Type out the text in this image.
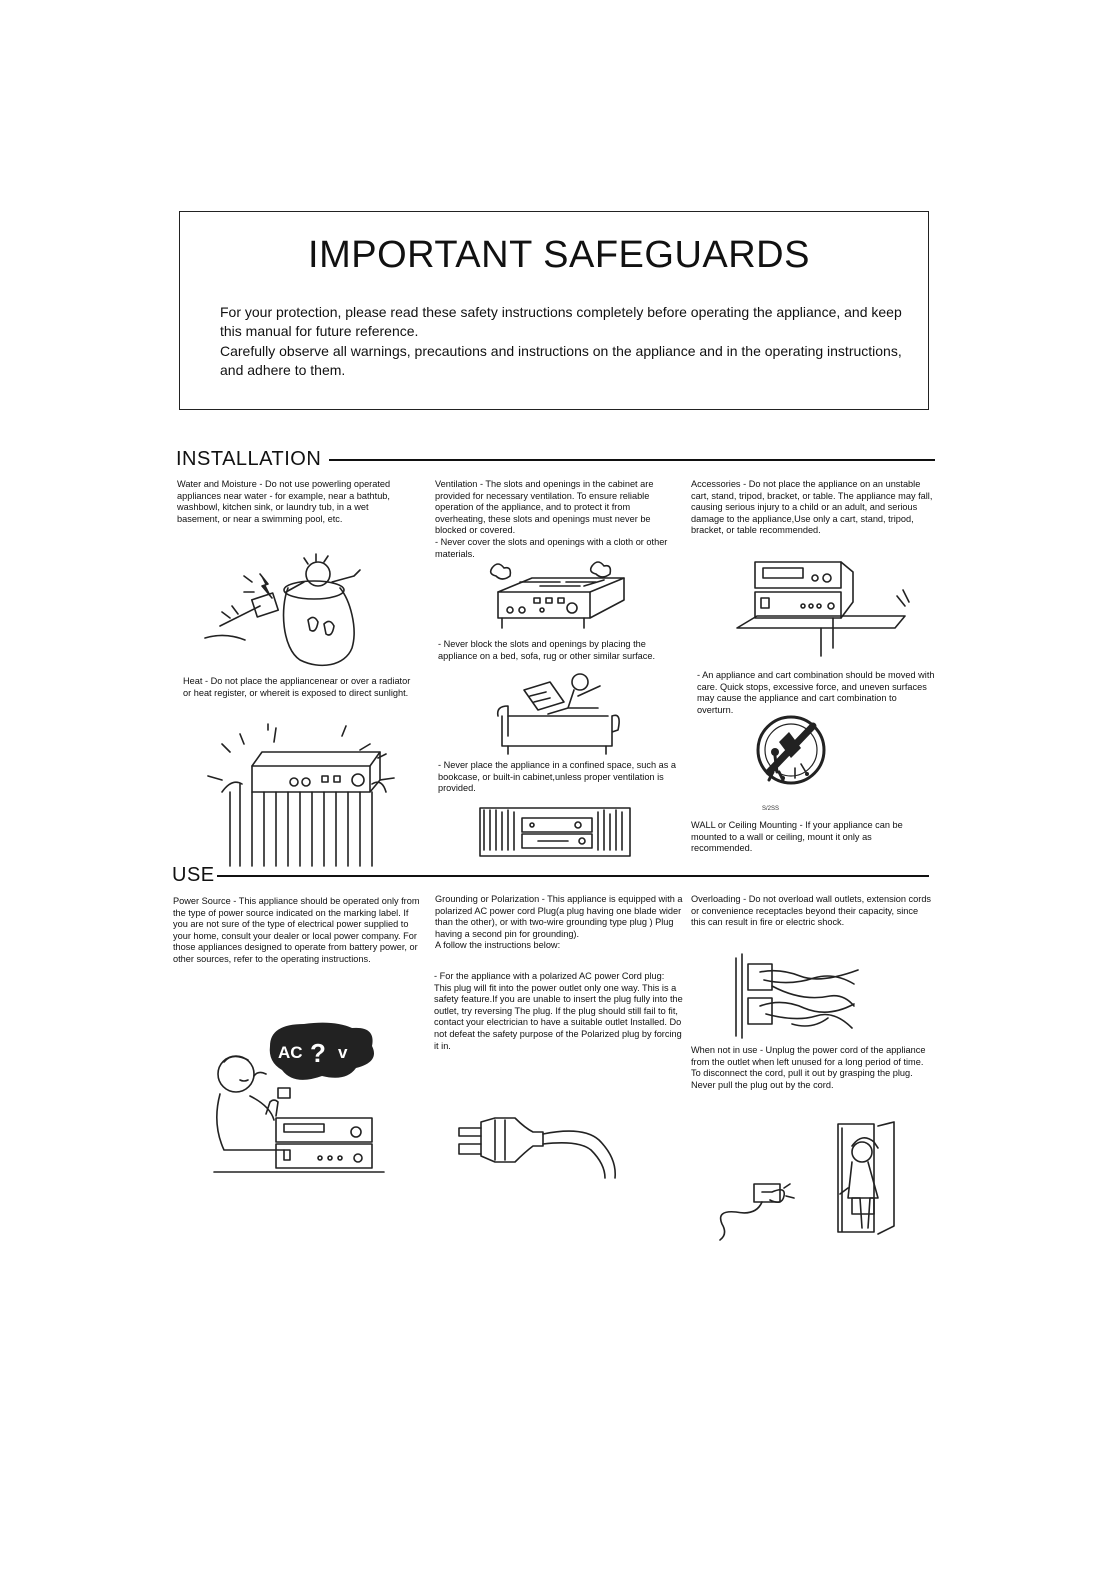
IMPORTANT SAFEGUARDS
For your protection, please read these safety instructions completely before operating the appliance, and keep this manual for future reference.
Carefully observe all warnings, precautions and instructions on the appliance and in the operating instructions, and adhere to them.
INSTALLATION
Water and Moisture - Do not use powerling operated appliances near water - for example, near a bathtub, washbowl, kitchen sink, or laundry tub, in a wet basement, or near a swimming pool, etc.
Heat - Do not place the appliancenear or over a radiator or heat register, or whereit is exposed to direct sunlight.
Ventilation - The slots and openings in the cabinet are provided for necessary ventilation. To ensure reliable operation of the appliance, and to protect it from overheating, these slots and openings must never be blocked or covered.
- Never cover the slots and openings with a cloth or other materials.
- Never block the slots and openings by placing the appliance on a bed, sofa, rug or other similar surface.
- Never place the appliance in a confined space, such as a bookcase, or built-in cabinet,unless proper ventilation is provided.
Accessories - Do not place the appliance on an unstable cart, stand, tripod, bracket, or table. The appliance may fall, causing serious injury to a child or an adult, and serious damage to the appliance,Use only a cart, stand, tripod, bracket, or table recommended.
- An appliance and cart combination should be moved with care. Quick stops, excessive force, and uneven surfaces may cause the appliance and cart combination to overturn.
S/2SS
WALL or Ceiling Mounting - If your appliance can be mounted to a wall or ceiling, mount it only as recommended.
USE
Power Source - This appliance should be operated only from the type of power source indicated on the marking label. If you are not sure of the type of electrical power supplied to your home, consult your dealer or local power company. For those appliances designed to operate from battery power, or other sources, refer to the operating instructions.
AC ? v
Grounding or Polarization - This appliance is equipped with a polarized AC power cord Plug(a plug having one blade wider than the other), or with two-wire grounding type plug ) Plug having a second pin for grounding).
A follow the instructions below:
- For the appliance with a polarized AC power Cord plug:
This plug will fit into the power outlet only one way. This is a safety feature.If you are unable to insert the plug fully into the outlet, try reversing The plug. If the plug should still fail to fit, contact your electrician to have a suitable outlet Installed. Do not defeat the safety purpose of the Polarized plug by forcing it in.
Overloading - Do not overload wall outlets, extension cords or convenience receptacles beyond their capacity, since this can result in fire or electric shock.
When not in use - Unplug the power cord of the appliance from the outlet when left unused for a long period of time.
To disconnect the cord, pull it out by grasping the plug. Never pull the plug out by the cord.
